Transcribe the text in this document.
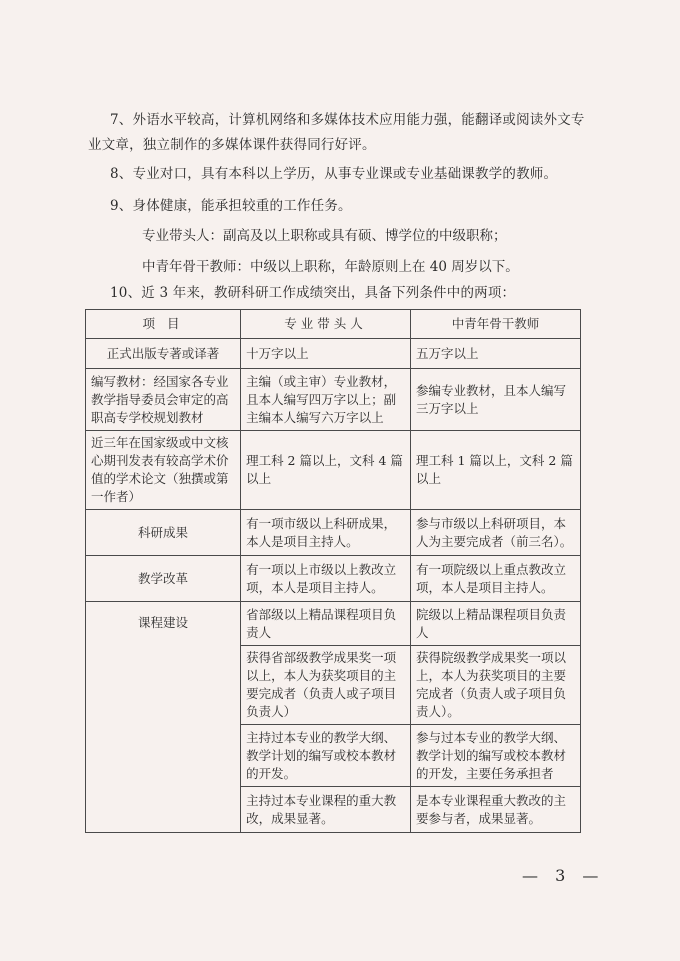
7、外语水平较高，计算机网络和多媒体技术应用能力强，能翻译或阅读外文专业文章，独立制作的多媒体课件获得同行好评。
8、专业对口，具有本科以上学历，从事专业课或专业基础课教学的教师。
9、身体健康，能承担较重的工作任务。
专业带头人：副高及以上职称或具有硕、博学位的中级职称；
中青年骨干教师：中级以上职称，年龄原则上在 40 周岁以下。
10、近 3 年来，教研科研工作成绩突出，具备下列条件中的两项：
项 目	专业带头人	中青年骨干教师
正式出版专著或译著	十万字以上	五万字以上
编写教材：经国家各专业教学指导委员会审定的高职高专学校规划教材	主编（或主审）专业教材，且本人编写四万字以上；副主编本人编写六万字以上	参编专业教材，且本人编写三万字以上
近三年在国家级或中文核心期刊发表有较高学术价值的学术论文（独撰或第一作者）	理工科 2 篇以上，文科 4 篇以上	理工科 1 篇以上，文科 2 篇以上
科研成果	有一项市级以上科研成果，本人是项目主持人。	参与市级以上科研项目，本人为主要完成者（前三名）。
教学改革	有一项以上市级以上教改立项，本人是项目主持人。	有一项院级以上重点教改立项，本人是项目主持人。
课程建设	省部级以上精品课程项目负责人	院级以上精品课程项目负责人
	获得省部级教学成果奖一项以上，本人为获奖项目的主要完成者（负责人或子项目负责人）	获得院级教学成果奖一项以上，本人为获奖项目的主要完成者（负责人或子项目负责人）。
	主持过本专业的教学大纲、教学计划的编写或校本教材的开发。	参与过本专业的教学大纲、教学计划的编写或校本教材的开发，主要任务承担者
	主持过本专业课程的重大教改，成果显著。	是本专业课程重大教改的主要参与者，成果显著。
— 3 —
